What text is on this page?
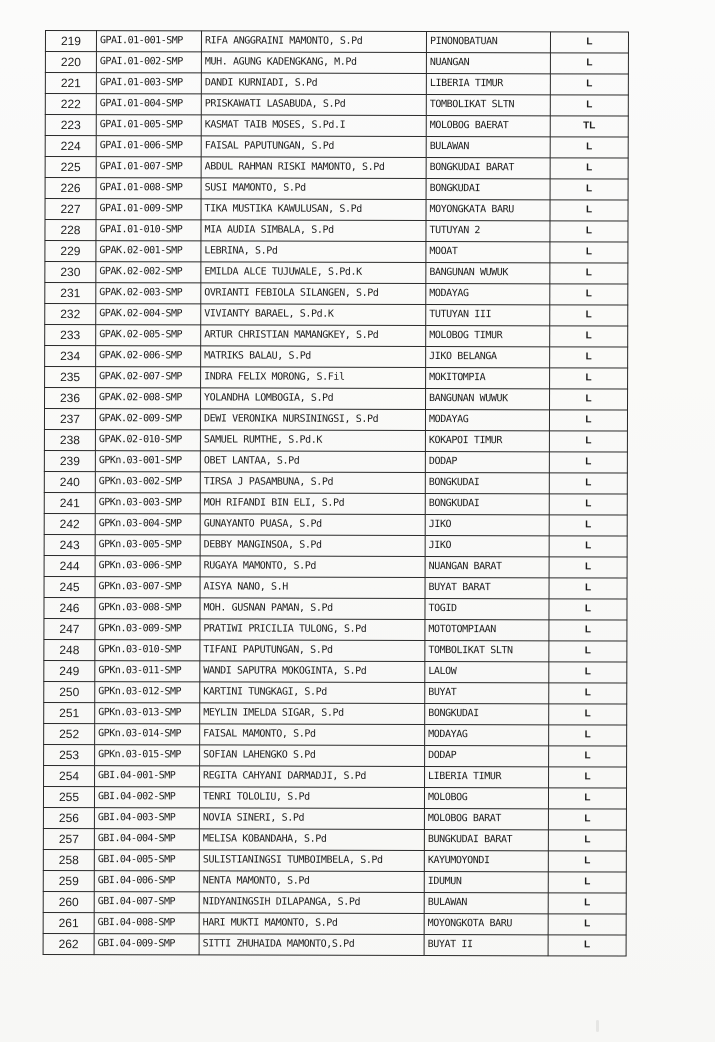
219	GPAI.01-001-SMP	RIFA ANGGRAINI MAMONTO, S.Pd	PINONOBATUAN	L
220	GPAI.01-002-SMP	MUH. AGUNG KADENGKANG, M.Pd	NUANGAN	L
221	GPAI.01-003-SMP	DANDI KURNIADI, S.Pd	LIBERIA TIMUR	L
222	GPAI.01-004-SMP	PRISKAWATI LASABUDA, S.Pd	TOMBOLIKAT SLTN	L
223	GPAI.01-005-SMP	KASMAT TAIB MOSES, S.Pd.I	MOLOBOG BAERAT	TL
224	GPAI.01-006-SMP	FAISAL PAPUTUNGAN, S.Pd	BULAWAN	L
225	GPAI.01-007-SMP	ABDUL RAHMAN RISKI MAMONTO, S.Pd	BONGKUDAI BARAT	L
226	GPAI.01-008-SMP	SUSI MAMONTO, S.Pd	BONGKUDAI	L
227	GPAI.01-009-SMP	TIKA MUSTIKA KAWULUSAN, S.Pd	MOYONGKATA BARU	L
228	GPAI.01-010-SMP	MIA AUDIA SIMBALA, S.Pd	TUTUYAN 2	L
229	GPAK.02-001-SMP	LEBRINA, S.Pd	MOOAT	L
230	GPAK.02-002-SMP	EMILDA ALCE TUJUWALE, S.Pd.K	BANGUNAN WUWUK	L
231	GPAK.02-003-SMP	OVRIANTI FEBIOLA SILANGEN, S.Pd	MODAYAG	L
232	GPAK.02-004-SMP	VIVIANTY BARAEL, S.Pd.K	TUTUYAN III	L
233	GPAK.02-005-SMP	ARTUR CHRISTIAN MAMANGKEY, S.Pd	MOLOBOG TIMUR	L
234	GPAK.02-006-SMP	MATRIKS BALAU, S.Pd	JIKO BELANGA	L
235	GPAK.02-007-SMP	INDRA FELIX MORONG, S.Fil	MOKITOMPIA	L
236	GPAK.02-008-SMP	YOLANDHA LOMBOGIA, S.Pd	BANGUNAN WUWUK	L
237	GPAK.02-009-SMP	DEWI VERONIKA NURSININGSI, S.Pd	MODAYAG	L
238	GPAK.02-010-SMP	SAMUEL RUMTHE, S.Pd.K	KOKAPOI TIMUR	L
239	GPKn.03-001-SMP	OBET LANTAA, S.Pd	DODAP	L
240	GPKn.03-002-SMP	TIRSA J PASAMBUNA, S.Pd	BONGKUDAI	L
241	GPKn.03-003-SMP	MOH RIFANDI BIN ELI, S.Pd	BONGKUDAI	L
242	GPKn.03-004-SMP	GUNAYANTO PUASA, S.Pd	JIKO	L
243	GPKn.03-005-SMP	DEBBY MANGINSOA, S.Pd	JIKO	L
244	GPKn.03-006-SMP	RUGAYA MAMONTO, S.Pd	NUANGAN BARAT	L
245	GPKn.03-007-SMP	AISYA NANO, S.H	BUYAT BARAT	L
246	GPKn.03-008-SMP	MOH. GUSNAN PAMAN, S.Pd	TOGID	L
247	GPKn.03-009-SMP	PRATIWI PRICILIA TULONG, S.Pd	MOTOTOMPIAAN	L
248	GPKn.03-010-SMP	TIFANI PAPUTUNGAN, S.Pd	TOMBOLIKAT SLTN	L
249	GPKn.03-011-SMP	WANDI SAPUTRA MOKOGINTA, S.Pd	LALOW	L
250	GPKn.03-012-SMP	KARTINI TUNGKAGI, S.Pd	BUYAT	L
251	GPKn.03-013-SMP	MEYLIN IMELDA SIGAR, S.Pd	BONGKUDAI	L
252	GPKn.03-014-SMP	FAISAL MAMONTO, S.Pd	MODAYAG	L
253	GPKn.03-015-SMP	SOFIAN LAHENGKO S.Pd	DODAP	L
254	GBI.04-001-SMP	REGITA CAHYANI DARMADJI, S.Pd	LIBERIA TIMUR	L
255	GBI.04-002-SMP	TENRI TOLOLIU, S.Pd	MOLOBOG	L
256	GBI.04-003-SMP	NOVIA SINERI, S.Pd	MOLOBOG BARAT	L
257	GBI.04-004-SMP	MELISA KOBANDAHA, S.Pd	BUNGKUDAI BARAT	L
258	GBI.04-005-SMP	SULISTIANINGSI TUMBOIMBELA, S.Pd	KAYUMOYONDI	L
259	GBI.04-006-SMP	NENTA MAMONTO, S.Pd	IDUMUN	L
260	GBI.04-007-SMP	NIDYANINGSIH DILAPANGA, S.Pd	BULAWAN	L
261	GBI.04-008-SMP	HARI MUKTI MAMONTO, S.Pd	MOYONGKOTA BARU	L
262	GBI.04-009-SMP	SITTI ZHUHAIDA MAMONTO,S.Pd	BUYAT II	L
